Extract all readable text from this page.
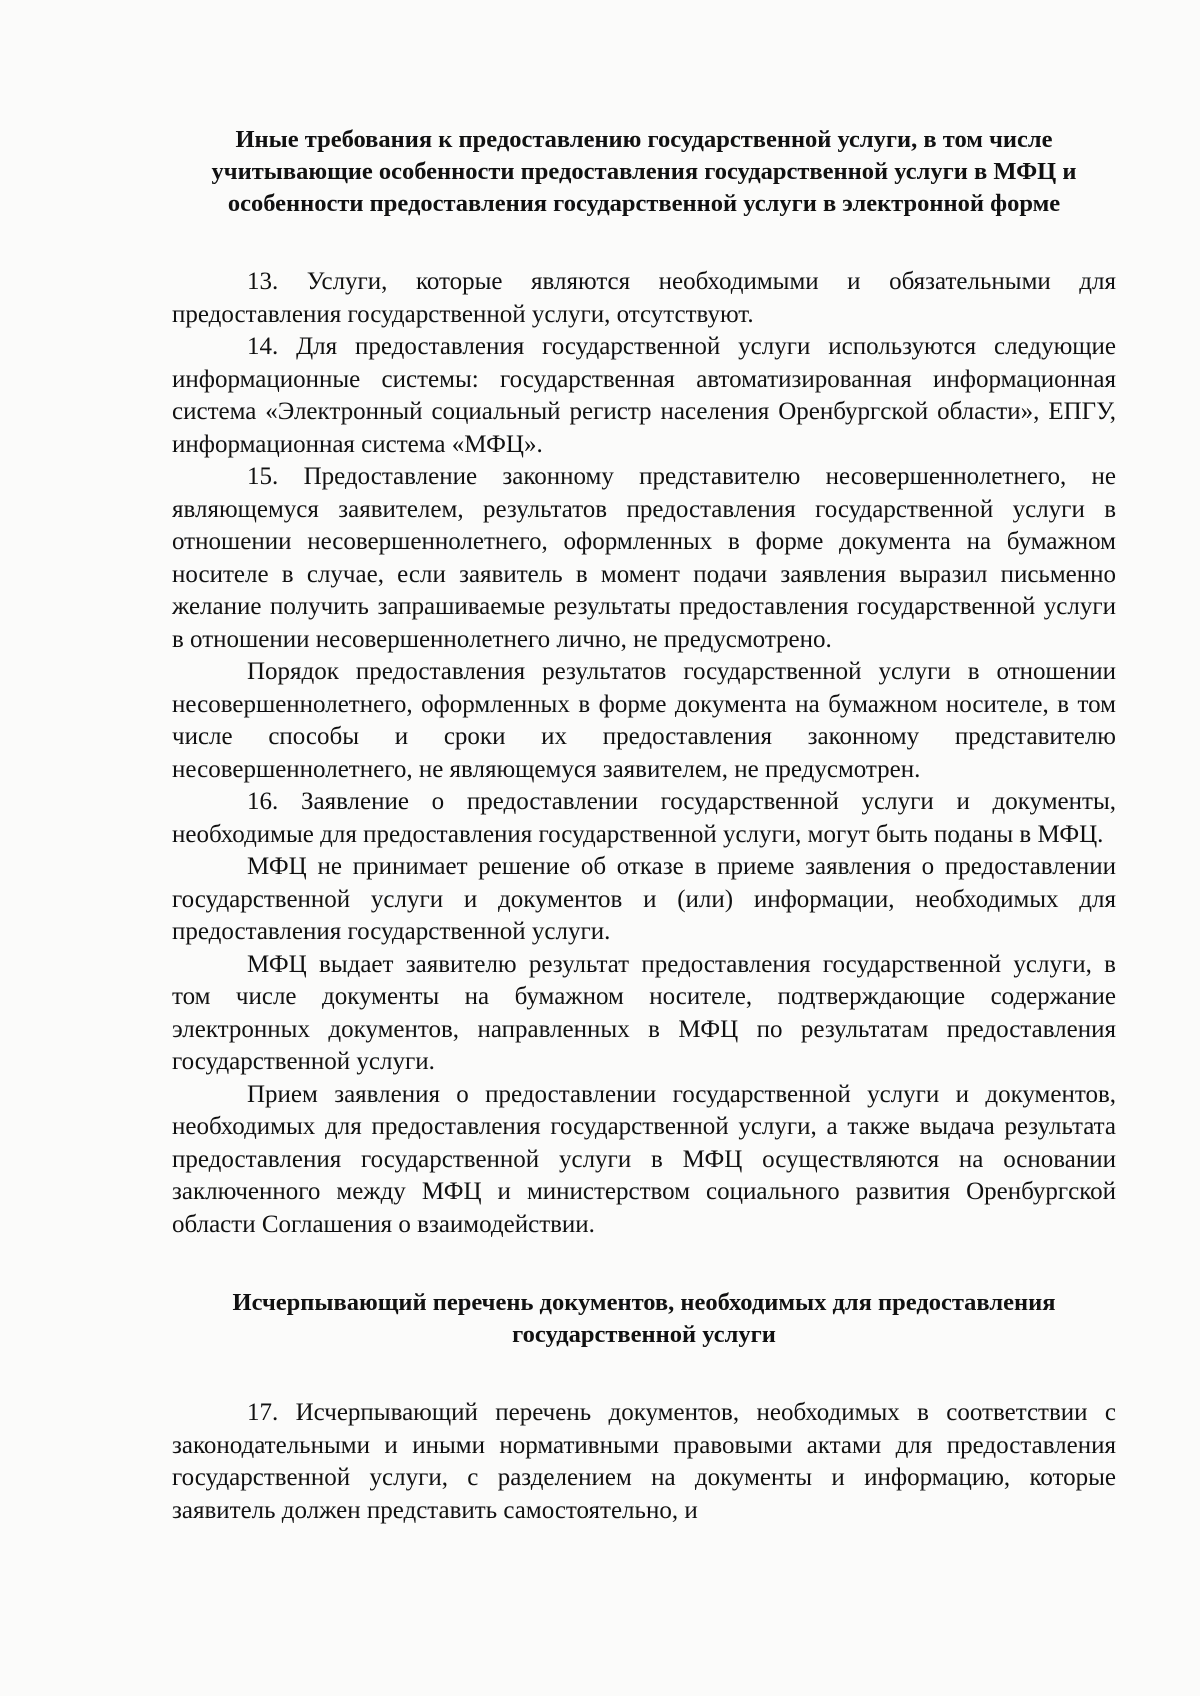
Иные требования к предоставлению государственной услуги, в том числе учитывающие особенности предоставления государственной услуги в МФЦ и особенности предоставления государственной услуги в электронной форме

13. Услуги, которые являются необходимыми и обязательными для предоставления государственной услуги, отсутствуют.

14. Для предоставления государственной услуги используются следующие информационные системы: государственная автоматизированная информационная система «Электронный социальный регистр населения Оренбургской области», ЕПГУ, информационная система «МФЦ».

15. Предоставление законному представителю несовершеннолетнего, не являющемуся заявителем, результатов предоставления государственной услуги в отношении несовершеннолетнего, оформленных в форме документа на бумажном носителе в случае, если заявитель в момент подачи заявления выразил письменно желание получить запрашиваемые результаты предоставления государственной услуги в отношении несовершеннолетнего лично, не предусмотрено.

Порядок предоставления результатов государственной услуги в отношении несовершеннолетнего, оформленных в форме документа на бумажном носителе, в том числе способы и сроки их предоставления законному представителю несовершеннолетнего, не являющемуся заявителем, не предусмотрен.

16. Заявление о предоставлении государственной услуги и документы, необходимые для предоставления государственной услуги, могут быть поданы в МФЦ.

МФЦ не принимает решение об отказе в приеме заявления о предоставлении государственной услуги и документов и (или) информации, необходимых для предоставления государственной услуги.

МФЦ выдает заявителю результат предоставления государственной услуги, в том числе документы на бумажном носителе, подтверждающие содержание электронных документов, направленных в МФЦ по результатам предоставления государственной услуги.

Прием заявления о предоставлении государственной услуги и документов, необходимых для предоставления государственной услуги, а также выдача результата предоставления государственной услуги в МФЦ осуществляются на основании заключенного между МФЦ и министерством социального развития Оренбургской области Соглашения о взаимодействии.

Исчерпывающий перечень документов, необходимых для предоставления государственной услуги

17. Исчерпывающий перечень документов, необходимых в соответствии с законодательными и иными нормативными правовыми актами для предоставления государственной услуги, с разделением на документы и информацию, которые заявитель должен представить самостоятельно, и
